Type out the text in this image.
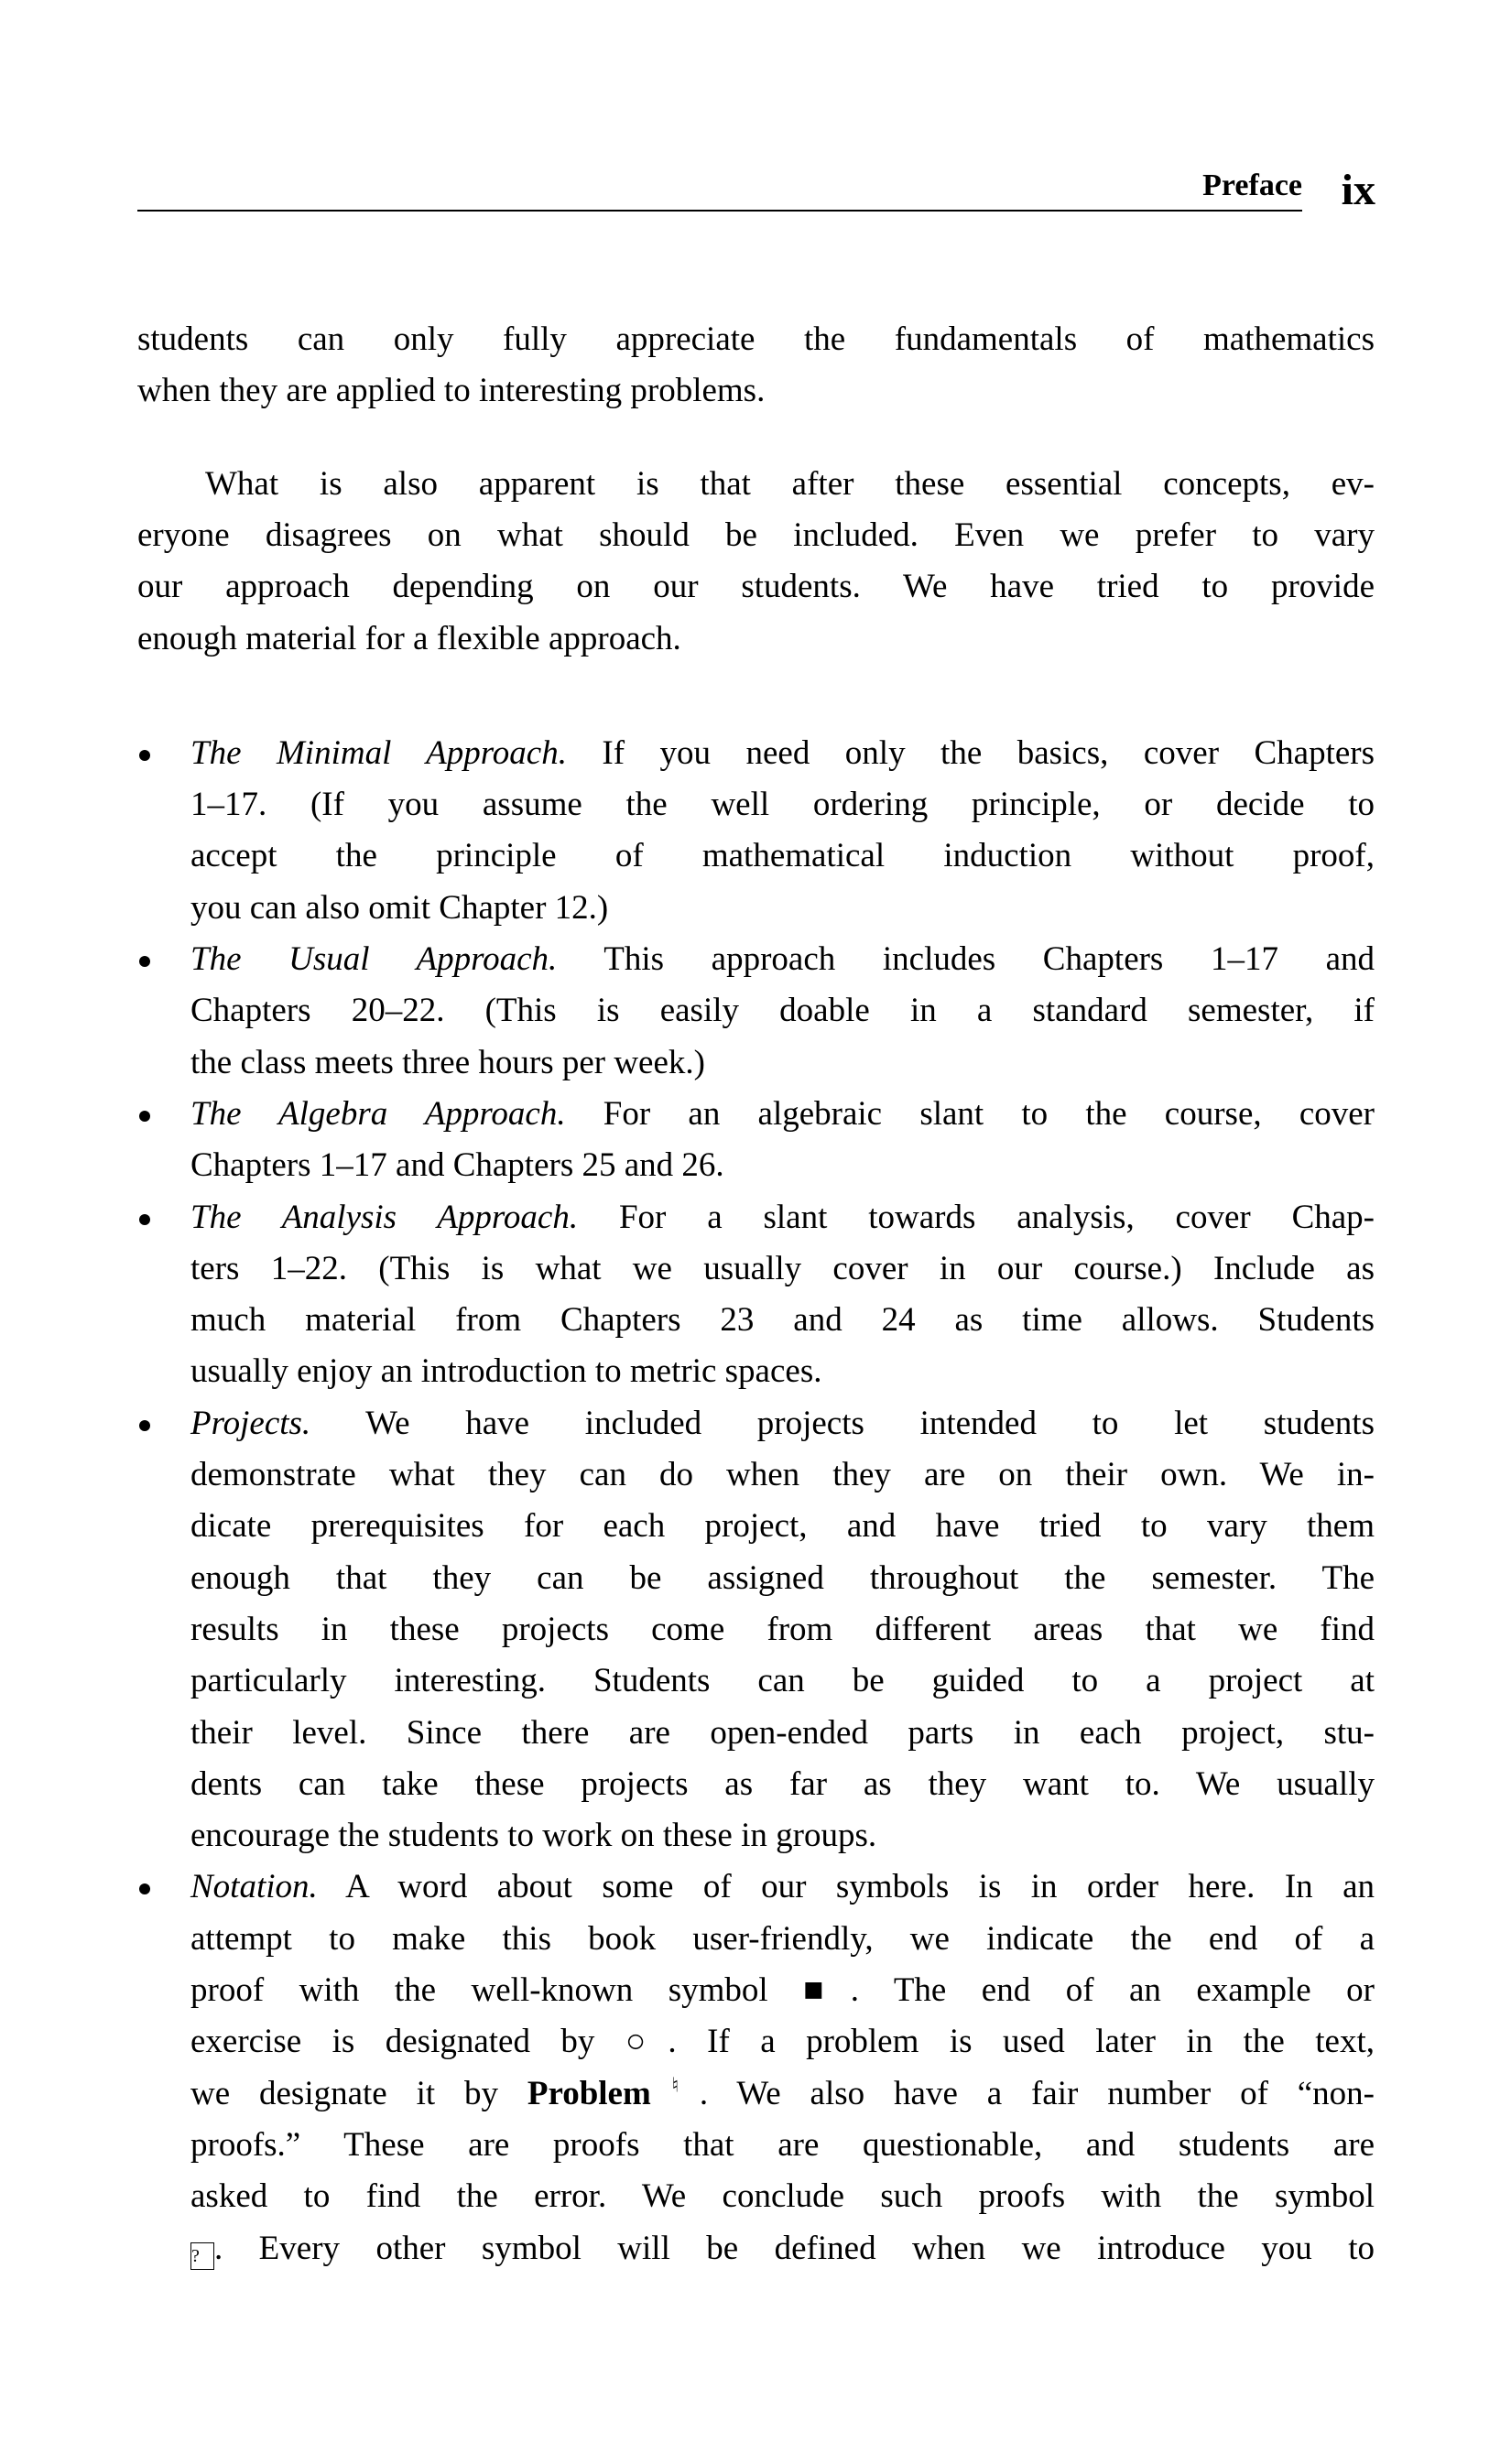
Preface ix
students can only fully appreciate the fundamentals of mathematics
when they are applied to interesting problems.
  What is also apparent is that after these essential concepts, ev-
eryone disagrees on what should be included. Even we prefer to vary
our approach depending on our students. We have tried to provide
enough material for a flexible approach.
The Minimal Approach. If you need only the basics, cover Chapters
1–17. (If you assume the well ordering principle, or decide to
accept the principle of mathematical induction without proof,
you can also omit Chapter 12.)
The Usual Approach. This approach includes Chapters 1–17 and
Chapters 20–22. (This is easily doable in a standard semester, if
the class meets three hours per week.)
The Algebra Approach. For an algebraic slant to the course, cover
Chapters 1–17 and Chapters 25 and 26.
The Analysis Approach. For a slant towards analysis, cover Chap-
ters 1–22. (This is what we usually cover in our course.) Include as
much material from Chapters 23 and 24 as time allows. Students
usually enjoy an introduction to metric spaces.
Projects. We have included projects intended to let students
demonstrate what they can do when they are on their own. We in-
dicate prerequisites for each project, and have tried to vary them
enough that they can be assigned throughout the semester. The
results in these projects come from different areas that we find
particularly interesting. Students can be guided to a project at
their level. Since there are open-ended parts in each project, stu-
dents can take these projects as far as they want to. We usually
encourage the students to work on these in groups.
Notation. A word about some of our symbols is in order here. In an
attempt to make this book user-friendly, we indicate the end of a
proof with the well-known symbol ■. The end of an example or
exercise is designated by ○. If a problem is used later in the text,
we designate it by Problem♮. We also have a fair number of “non-
proofs.” These are proofs that are questionable, and students are
asked to find the error. We conclude such proofs with the symbol
? . Every other symbol will be defined when we introduce you to
